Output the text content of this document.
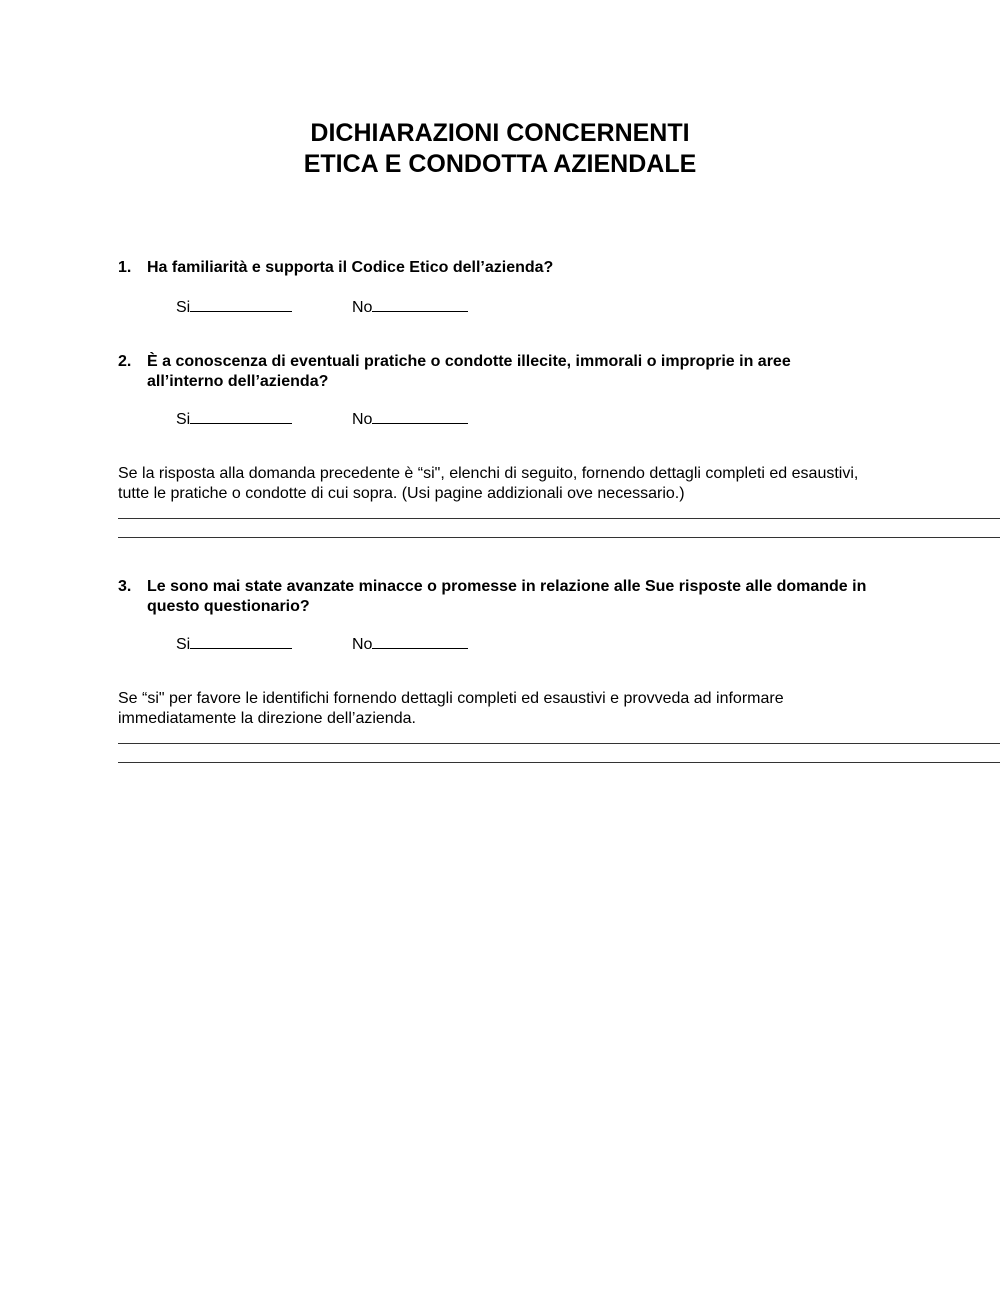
DICHIARAZIONI CONCERNENTI
ETICA E CONDOTTA AZIENDALE
1. Ha familiarità e supporta il Codice Etico dell’azienda?
Si	No
2. È a conoscenza di eventuali pratiche o condotte illecite, immorali o improprie in aree all’interno dell’azienda?
Si	No
Se la risposta alla domanda precedente è “si", elenchi di seguito, fornendo dettagli completi ed esaustivi, tutte le pratiche o condotte di cui sopra. (Usi pagine addizionali ove necessario.)
3. Le sono mai state avanzate minacce o promesse in relazione alle Sue risposte alle domande in questo questionario?
Si	No
Se “si" per favore le identifichi fornendo dettagli completi ed esaustivi e provveda ad informare immediatamente la direzione dell’azienda.
